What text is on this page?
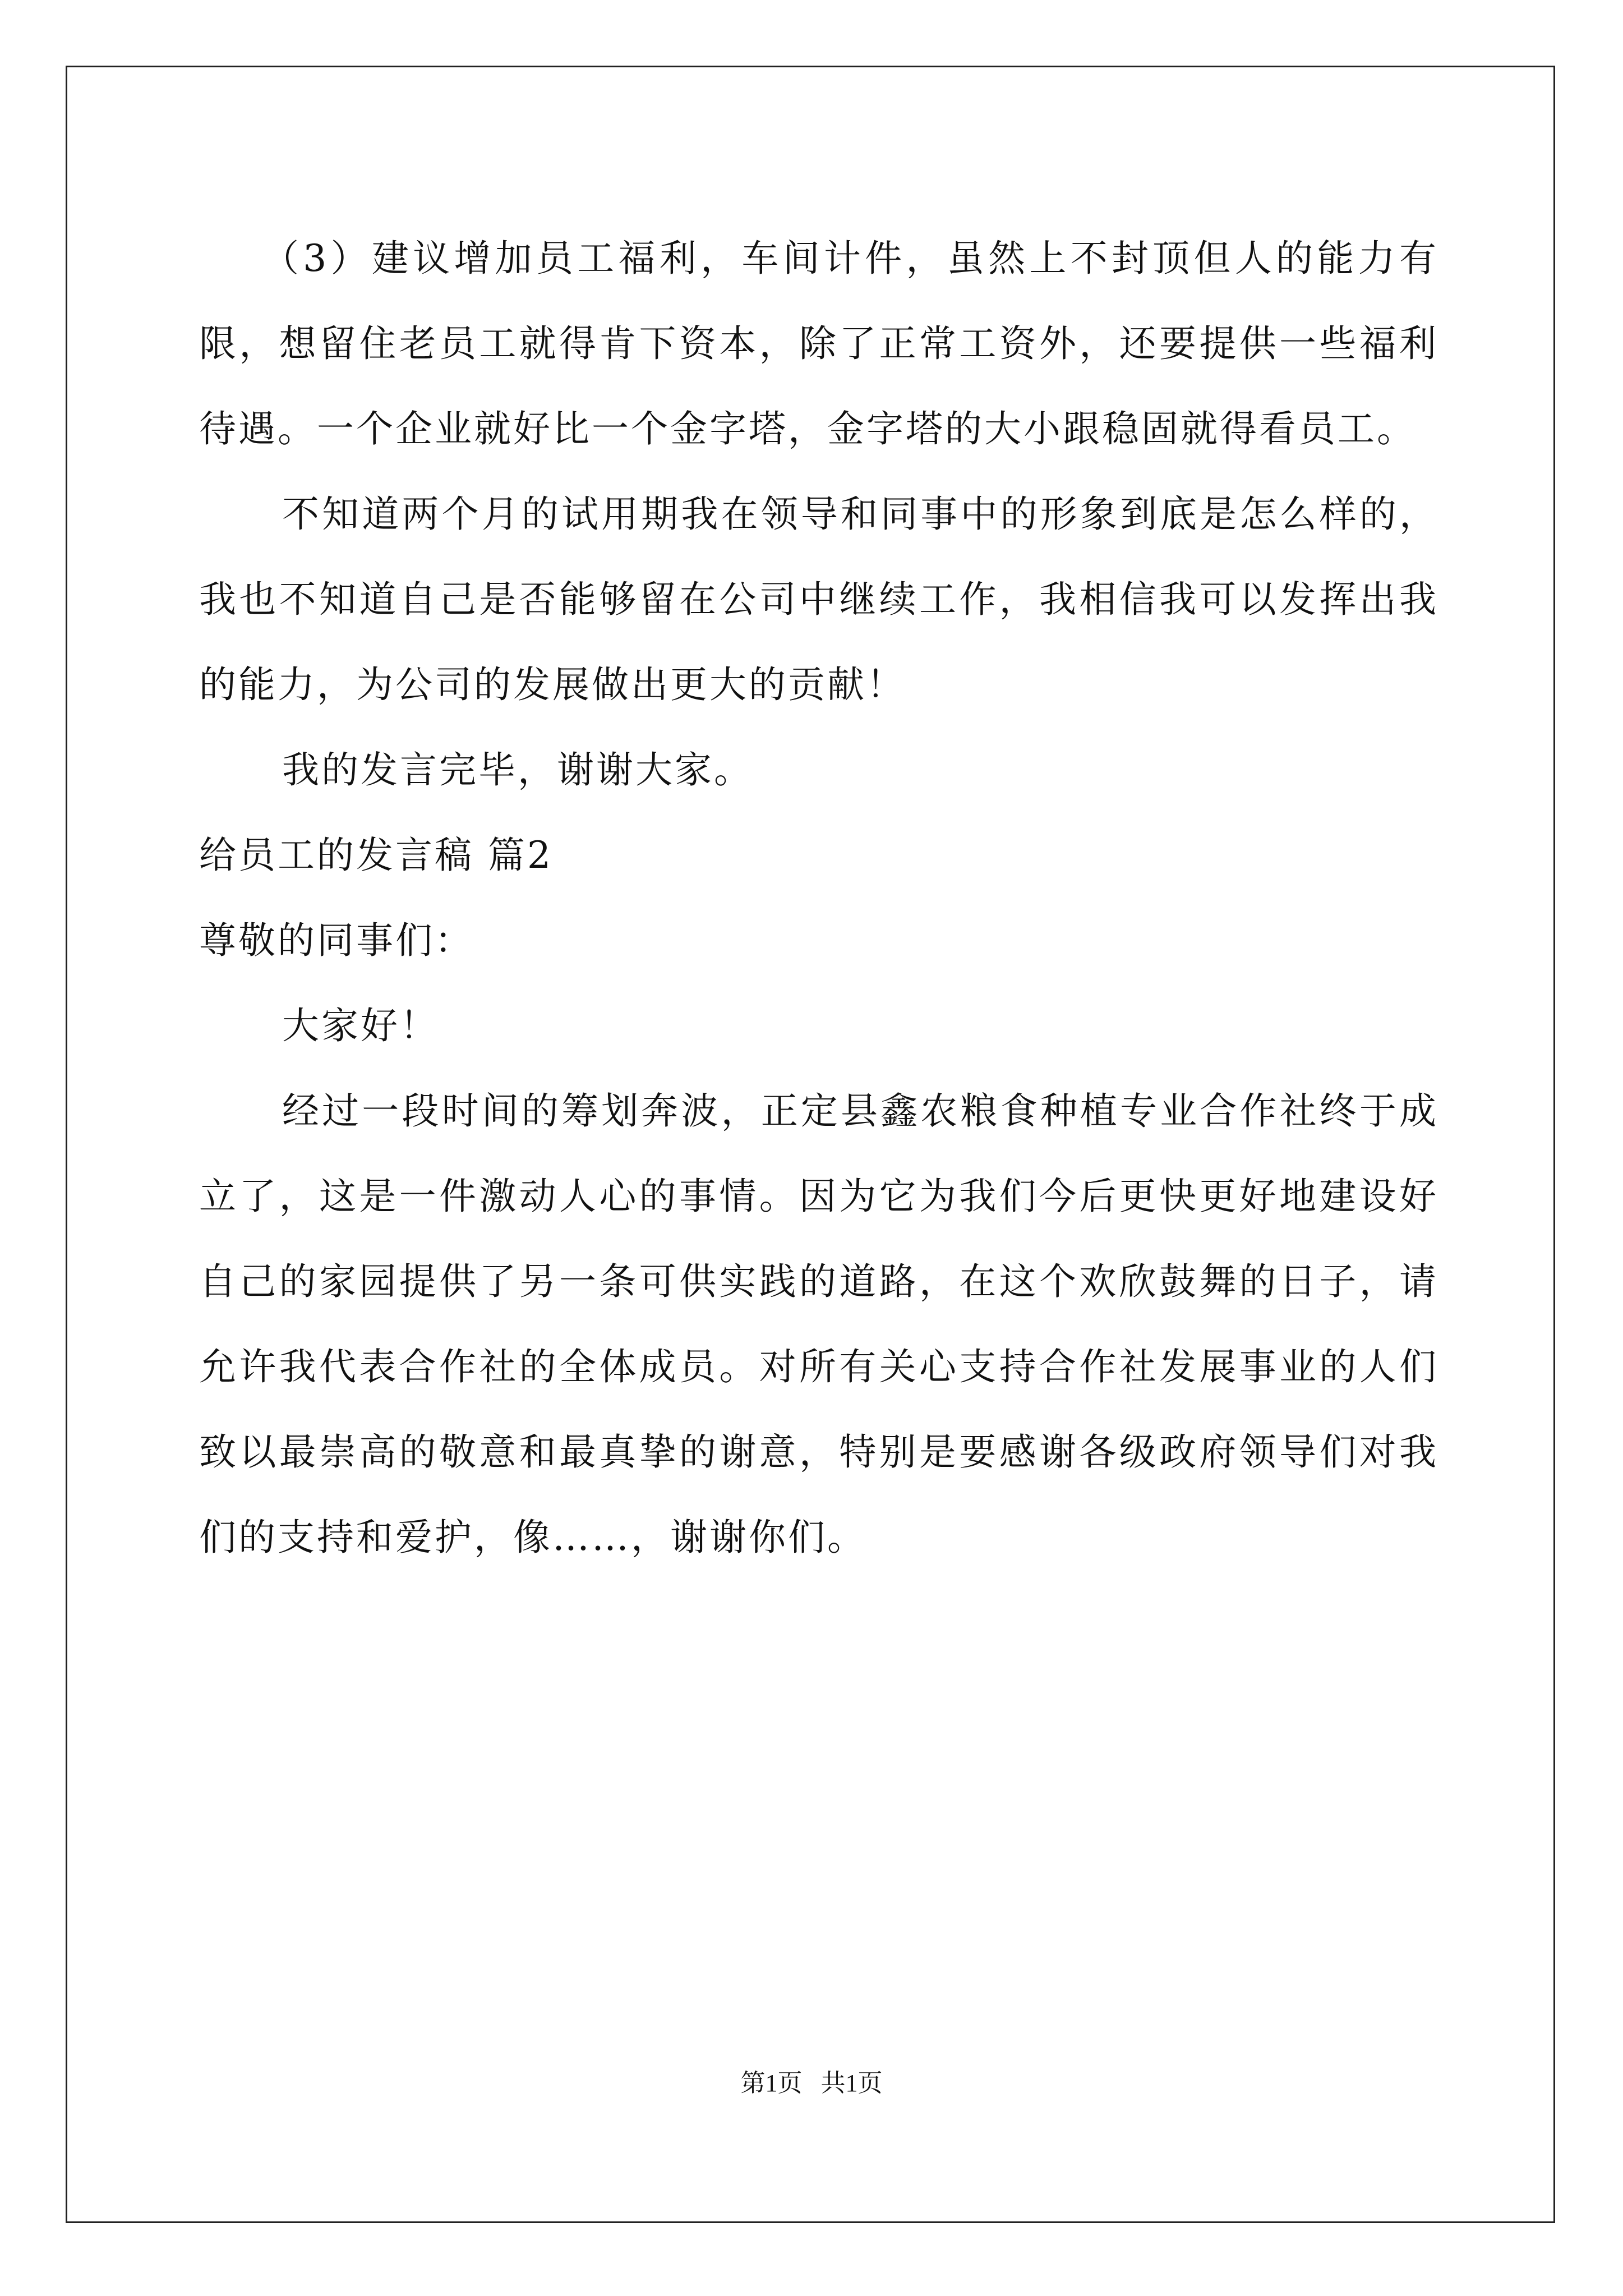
（3）建议增加员工福利，车间计件，虽然上不封顶但人的能力有限，想留住老员工就得肯下资本，除了正常工资外，还要提供一些福利待遇。一个企业就好比一个金字塔，金字塔的大小跟稳固就得看员工。

不知道两个月的试用期我在领导和同事中的形象到底是怎么样的，我也不知道自己是否能够留在公司中继续工作，我相信我可以发挥出我的能力，为公司的发展做出更大的贡献！

我的发言完毕，谢谢大家。

给员工的发言稿 篇2

尊敬的同事们：

大家好！

经过一段时间的筹划奔波，正定县鑫农粮食种植专业合作社终于成立了，这是一件激动人心的事情。因为它为我们今后更快更好地建设好自己的家园提供了另一条可供实践的道路，在这个欢欣鼓舞的日子，请允许我代表合作社的全体成员。对所有关心支持合作社发展事业的人们致以最崇高的敬意和最真挚的谢意，特别是要感谢各级政府领导们对我们的支持和爱护，像……，谢谢你们。

第1页   共1页
